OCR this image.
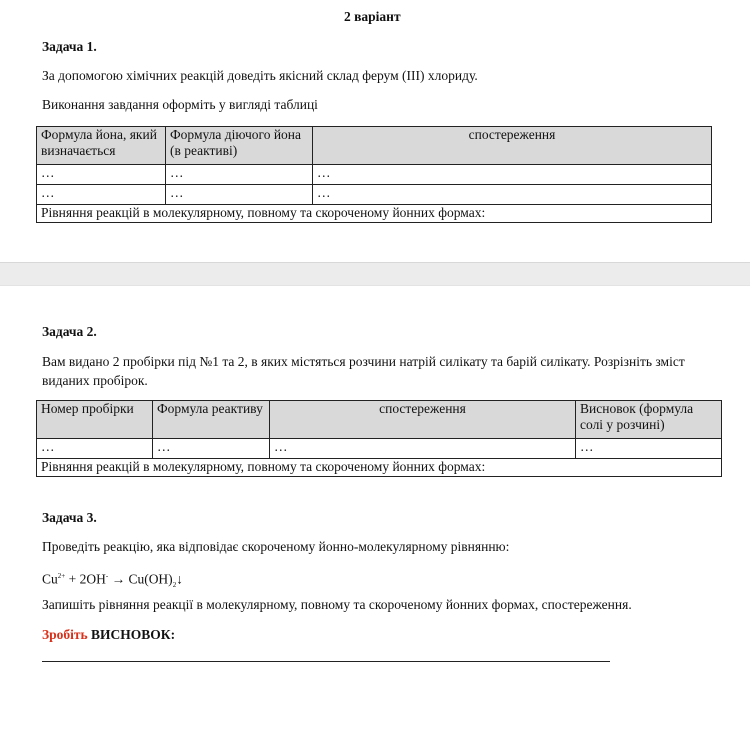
2 варіант
Задача 1.
За допомогою хімічних реакцій доведіть якісний склад ферум (III) хлориду.
Виконання завдання оформіть у вигляді таблиці
Формула йона, який визначається	Формула діючого йона (в реактиві)	спостереження
…	…	…
…	…	…
Рівняння реакцій в молекулярному, повному та скороченому йонних формах:		
Задача 2.
Вам видано 2 пробірки під №1 та 2, в яких містяться розчини натрій силікату та барій силікату. Розрізніть зміст виданих пробірок.
Номер пробірки	Формула реактиву	спостереження	Висновок (формула солі у розчині)
…	…	…	…
Рівняння реакцій в молекулярному, повному та скороченому йонних формах:			
Задача 3.
Проведіть реакцію, яка відповідає скороченому йонно-молекулярному рівнянню:
$Cu^{2+} + 2OH^-$ → $Cu(OH)_2↓$
Запишіть рівняння реакції в молекулярному, повному та скороченому йонних формах, спостереження.
Зробіть ВИСНОВОК:
